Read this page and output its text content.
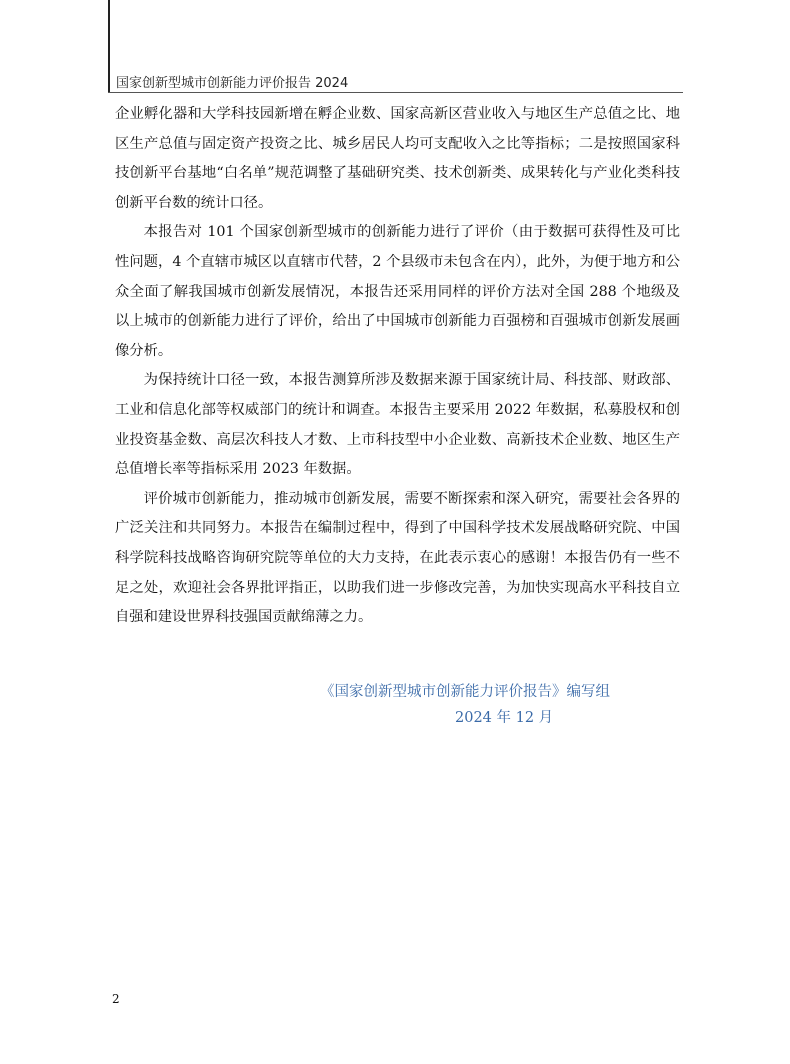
国家创新型城市创新能力评价报告 2024

企业孵化器和大学科技园新增在孵企业数、国家高新区营业收入与地区生产总值之比、地区生产总值与固定资产投资之比、城乡居民人均可支配收入之比等指标；二是按照国家科技创新平台基地“白名单”规范调整了基础研究类、技术创新类、成果转化与产业化类科技创新平台数的统计口径。

本报告对 101 个国家创新型城市的创新能力进行了评价（由于数据可获得性及可比性问题，4 个直辖市城区以直辖市代替，2 个县级市未包含在内），此外，为便于地方和公众全面了解我国城市创新发展情况，本报告还采用同样的评价方法对全国 288 个地级及以上城市的创新能力进行了评价，给出了中国城市创新能力百强榜和百强城市创新发展画像分析。

为保持统计口径一致，本报告测算所涉及数据来源于国家统计局、科技部、财政部、工业和信息化部等权威部门的统计和调查。本报告主要采用 2022 年数据，私募股权和创业投资基金数、高层次科技人才数、上市科技型中小企业数、高新技术企业数、地区生产总值增长率等指标采用 2023 年数据。

评价城市创新能力，推动城市创新发展，需要不断探索和深入研究，需要社会各界的广泛关注和共同努力。本报告在编制过程中，得到了中国科学技术发展战略研究院、中国科学院科技战略咨询研究院等单位的大力支持，在此表示衷心的感谢！本报告仍有一些不足之处，欢迎社会各界批评指正，以助我们进一步修改完善，为加快实现高水平科技自立自强和建设世界科技强国贡献绵薄之力。

《国家创新型城市创新能力评价报告》编写组
2024 年 12 月
2
